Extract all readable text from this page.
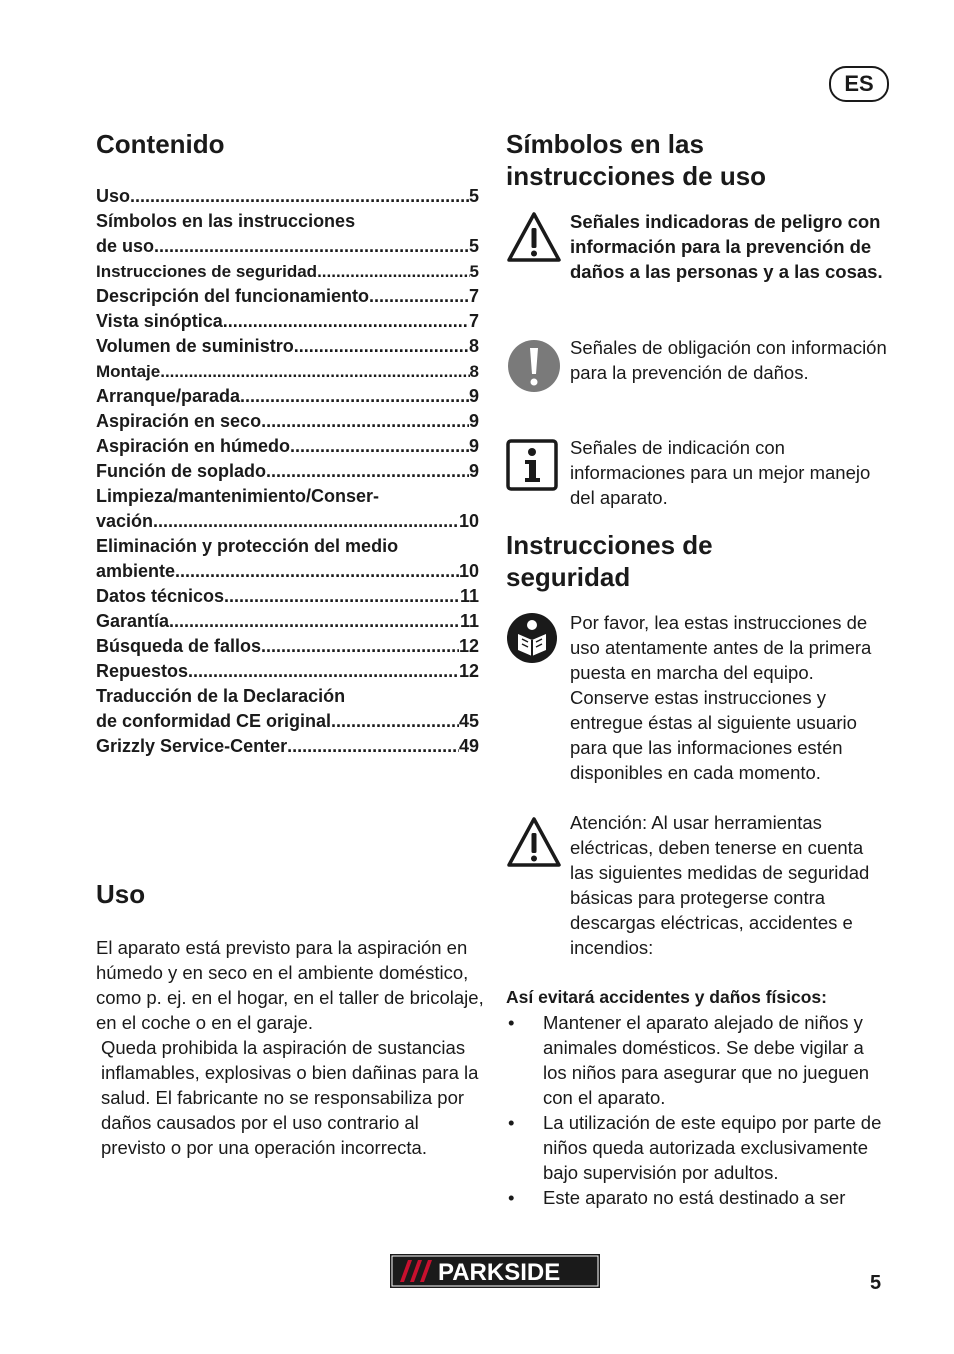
ES
Contenido
Uso .....	5
Símbolos en las instrucciones
de uso .....	5
Instrucciones de seguridad .....	5
Descripción del funcionamiento .....	7
Vista sinóptica .....	7
Volumen de suministro .....	8
Montaje .....	8
Arranque/parada .....	9
Aspiración en seco .....	9
Aspiración en húmedo .....	9
Función de soplado .....	9
Limpieza/mantenimiento/Conser-
vación .....	10
Eliminación y protección del medio
ambiente .....	10
Datos técnicos .....	11
Garantía .....	11
Búsqueda de fallos .....	12
Repuestos .....	12
Traducción de la Declaración
de conformidad CE original .....	45
Grizzly Service-Center .....	49
Uso
El aparato está previsto para la aspiración en húmedo y en seco en el ambiente doméstico, como p. ej. en el hogar, en el taller de bricolaje, en el coche o en el garaje.
Queda prohibida la aspiración de sustancias inflamables, explosivas o bien dañinas para la salud. El fabricante no se responsabiliza por daños causados por el uso contrario al previsto o por una operación incorrecta.
Símbolos en las
instrucciones de uso
Señales indicadoras de peligro con información para la prevención de daños a las personas y a las cosas.
Señales de obligación con información para la prevención de daños.
Señales de indicación con informaciones para un mejor manejo del aparato.
Instrucciones de
seguridad
Por favor, lea estas instrucciones de uso atentamente antes de la primera puesta en marcha del equipo. Conserve estas instrucciones y entregue éstas al siguiente usuario para que las informaciones estén disponibles en cada momento.
Atención: Al usar herramientas eléctricas, deben tenerse en cuenta las siguientes medidas de seguridad básicas para protegerse contra descargas eléctricas, accidentes e incendios:
Así evitará accidentes y daños físicos:
•	Mantener el aparato alejado de niños y animales domésticos. Se debe vigilar a los niños para asegurar que no jueguen con el aparato.
•	La utilización de este equipo por parte de niños queda autorizada exclusivamente bajo supervisión por adultos.
•	Este aparato no está destinado a ser
PARKSIDE	5
